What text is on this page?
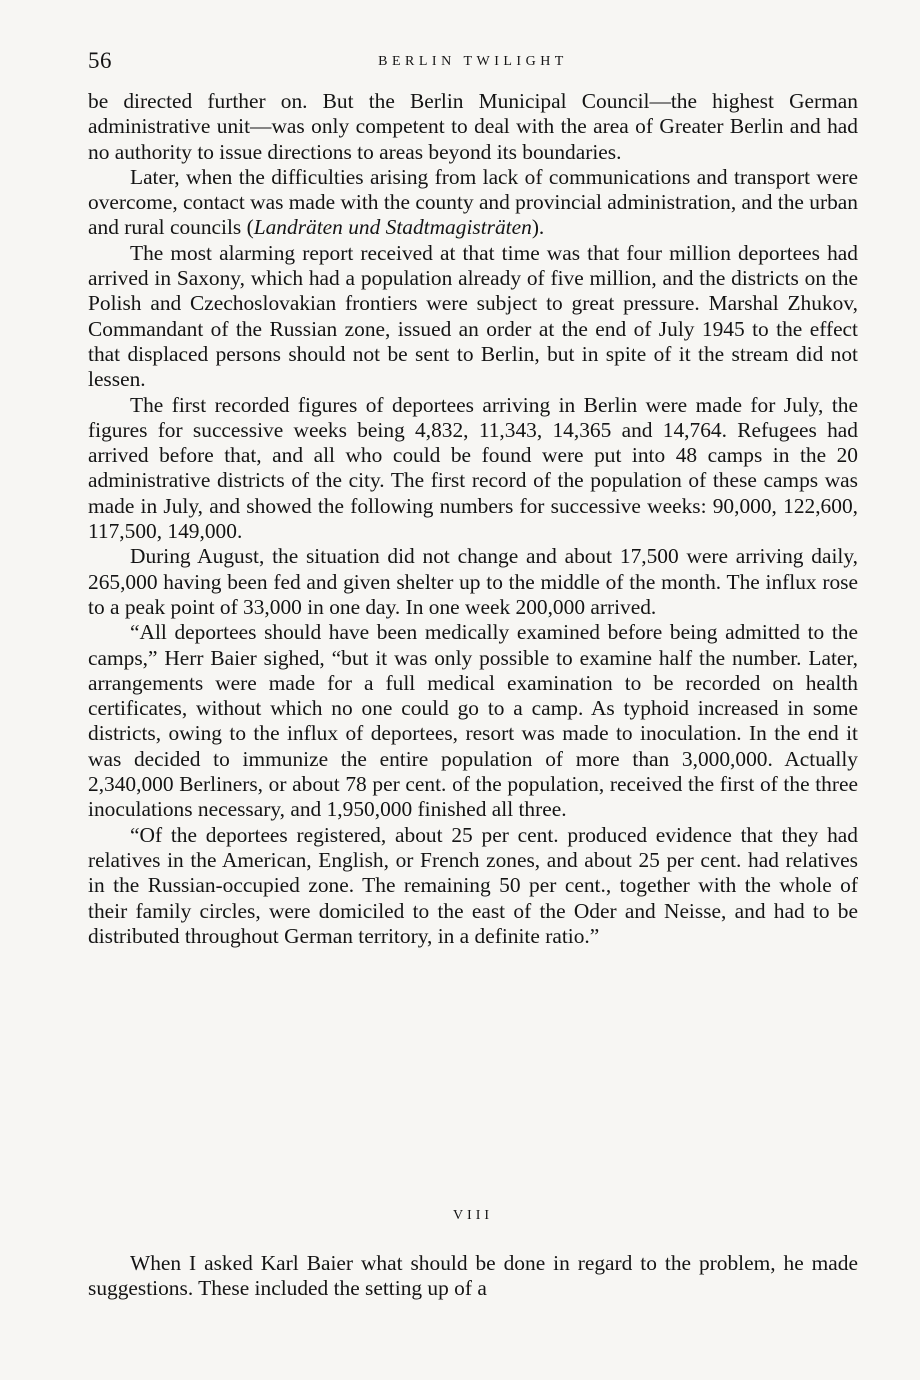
56	BERLIN TWILIGHT

be directed further on. But the Berlin Municipal Council—the highest German administrative unit—was only competent to deal with the area of Greater Berlin and had no authority to issue directions to areas beyond its boundaries.

Later, when the difficulties arising from lack of communications and transport were overcome, contact was made with the county and provincial administration, and the urban and rural councils (Landräten und Stadtmagisträten).

The most alarming report received at that time was that four million deportees had arrived in Saxony, which had a population already of five million, and the districts on the Polish and Czechoslovakian frontiers were subject to great pressure. Marshal Zhukov, Commandant of the Russian zone, issued an order at the end of July 1945 to the effect that displaced persons should not be sent to Berlin, but in spite of it the stream did not lessen.

The first recorded figures of deportees arriving in Berlin were made for July, the figures for successive weeks being 4,832, 11,343, 14,365 and 14,764. Refugees had arrived before that, and all who could be found were put into 48 camps in the 20 administrative districts of the city. The first record of the population of these camps was made in July, and showed the following numbers for successive weeks: 90,000, 122,600, 117,500, 149,000.

During August, the situation did not change and about 17,500 were arriving daily, 265,000 having been fed and given shelter up to the middle of the month. The influx rose to a peak point of 33,000 in one day. In one week 200,000 arrived.

“All deportees should have been medically examined before being admitted to the camps,” Herr Baier sighed, “but it was only possible to examine half the number. Later, arrangements were made for a full medical examination to be recorded on health certificates, without which no one could go to a camp. As typhoid increased in some districts, owing to the influx of deportees, resort was made to inoculation. In the end it was decided to immunize the entire population of more than 3,000,000. Actually 2,340,000 Berliners, or about 78 per cent. of the population, received the first of the three inoculations necessary, and 1,950,000 finished all three.

“Of the deportees registered, about 25 per cent. produced evidence that they had relatives in the American, English, or French zones, and about 25 per cent. had relatives in the Russian-occupied zone. The remaining 50 per cent., together with the whole of their family circles, were domiciled to the east of the Oder and Neisse, and had to be distributed throughout German territory, in a definite ratio.”

VIII

When I asked Karl Baier what should be done in regard to the problem, he made suggestions. These included the setting up of a
